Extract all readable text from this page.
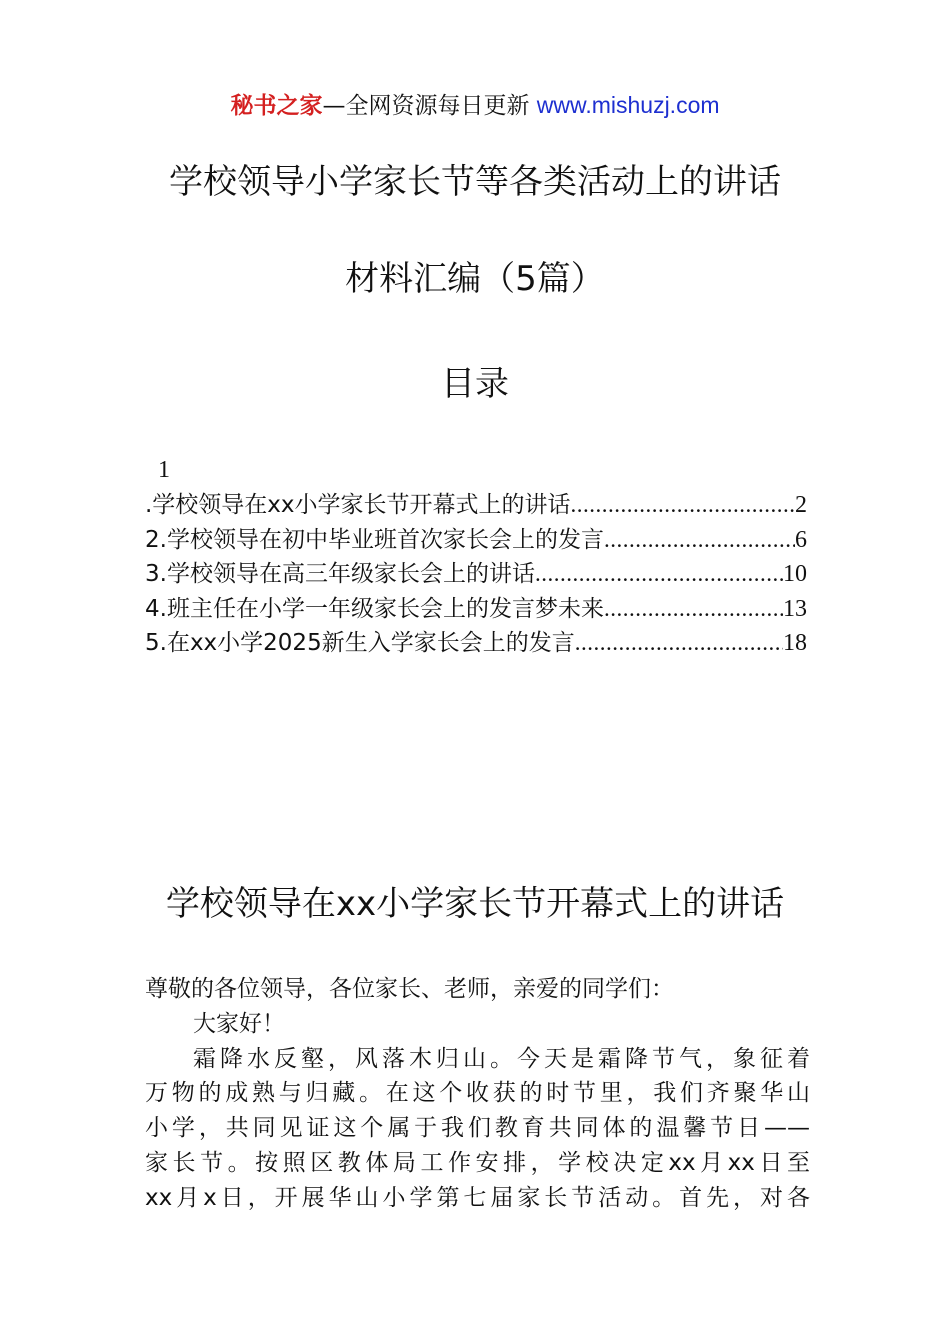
秘书之家—全网资源每日更新 www.mishuzj.com
学校领导小学家长节等各类活动上的讲话
材料汇编（5篇）
目录
1
.学校领导在xx小学家长节开幕式上的讲话 .....	2
2.学校领导在初中毕业班首次家长会上的发言 .....	6
3.学校领导在高三年级家长会上的讲话 .....	10
4.班主任在小学一年级家长会上的发言梦未来 .....	13
5.在xx小学2025新生入学家长会上的发言 .....	18
学校领导在xx小学家长节开幕式上的讲话
尊敬的各位领导，各位家长、老师，亲爱的同学们：
大家好！
霜降水反壑，风落木归山。今天是霜降节气，象征着
万物的成熟与归藏。在这个收获的时节里，我们齐聚华山
小学，共同见证这个属于我们教育共同体的温馨节日——
家长节。按照区教体局工作安排，学校决定xx月xx日至
xx月x日，开展华山小学第七届家长节活动。首先，对各
